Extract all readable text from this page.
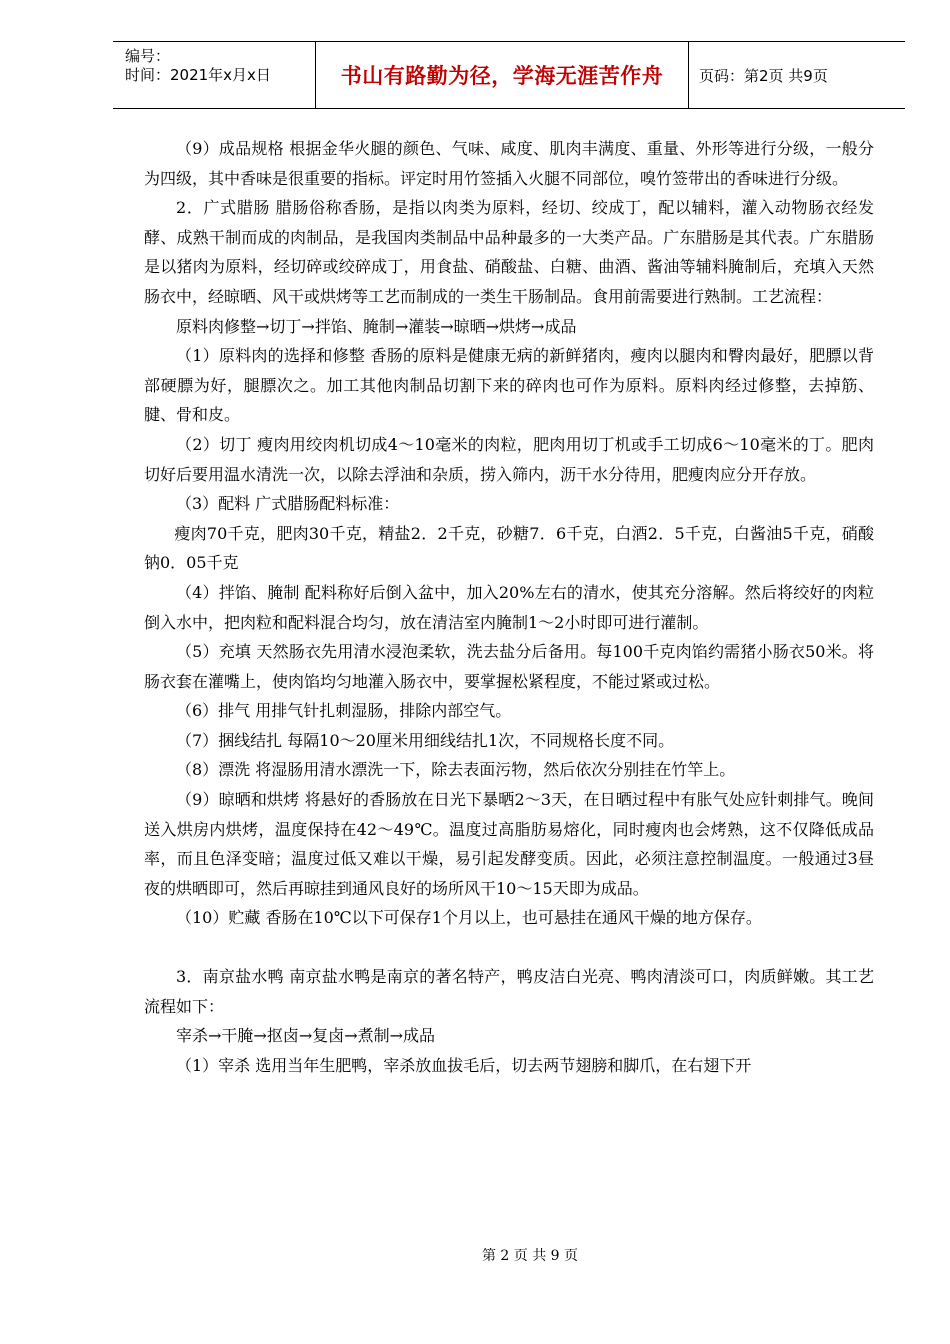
编号：
时间：2021年x月x日	书山有路勤为径，学海无涯苦作舟 页码：第2页 共9页

（9）成品规格 根据金华火腿的颜色、气味、咸度、肌肉丰满度、重量、外形等进行分级，一般分为四级，其中香味是很重要的指标。评定时用竹签插入火腿不同部位，嗅竹签带出的香味进行分级。

2．广式腊肠 腊肠俗称香肠，是指以肉类为原料，经切、绞成丁，配以辅料，灌入动物肠衣经发酵、成熟干制而成的肉制品，是我国肉类制品中品种最多的一大类产品。广东腊肠是其代表。广东腊肠是以猪肉为原料，经切碎或绞碎成丁，用食盐、硝酸盐、白糖、曲酒、酱油等辅料腌制后，充填入天然肠衣中，经晾晒、风干或烘烤等工艺而制成的一类生干肠制品。食用前需要进行熟制。工艺流程：

原料肉修整→切丁→拌馅、腌制→灌装→晾晒→烘烤→成品

（1）原料肉的选择和修整 香肠的原料是健康无病的新鲜猪肉，瘦肉以腿肉和臀肉最好，肥膘以背部硬膘为好，腿膘次之。加工其他肉制品切割下来的碎肉也可作为原料。原料肉经过修整，去掉筋、腱、骨和皮。

（2）切丁 瘦肉用绞肉机切成4～10毫米的肉粒，肥肉用切丁机或手工切成6～10毫米的丁。肥肉切好后要用温水清洗一次，以除去浮油和杂质，捞入筛内，沥干水分待用，肥瘦肉应分开存放。

（3）配料 广式腊肠配料标准：

瘦肉70千克，肥肉30千克，精盐2．2千克，砂糖7．6千克，白酒2．5千克，白酱油5千克，硝酸钠0．05千克

（4）拌馅、腌制 配料称好后倒入盆中，加入20%左右的清水，使其充分溶解。然后将绞好的肉粒倒入水中，把肉粒和配料混合均匀，放在清洁室内腌制1～2小时即可进行灌制。

（5）充填 天然肠衣先用清水浸泡柔软，洗去盐分后备用。每100千克肉馅约需猪小肠衣50米。将肠衣套在灌嘴上，使肉馅均匀地灌入肠衣中，要掌握松紧程度，不能过紧或过松。

（6）排气 用排气针扎刺湿肠，排除内部空气。

（7）捆线结扎 每隔10～20厘米用细线结扎1次，不同规格长度不同。

（8）漂洗 将湿肠用清水漂洗一下，除去表面污物，然后依次分别挂在竹竿上。

（9）晾晒和烘烤 将悬好的香肠放在日光下暴晒2～3天，在日晒过程中有胀气处应针刺排气。晚间送入烘房内烘烤，温度保持在42～49℃。温度过高脂肪易熔化，同时瘦肉也会烤熟，这不仅降低成品率，而且色泽变暗；温度过低又难以干燥，易引起发酵变质。因此，必须注意控制温度。一般通过3昼夜的烘晒即可，然后再晾挂到通风良好的场所风干10～15天即为成品。

（10）贮藏 香肠在10℃以下可保存1个月以上，也可悬挂在通风干燥的地方保存。

3．南京盐水鸭 南京盐水鸭是南京的著名特产，鸭皮洁白光亮、鸭肉清淡可口，肉质鲜嫩。其工艺流程如下：

宰杀→干腌→抠卤→复卤→煮制→成品

（1）宰杀 选用当年生肥鸭，宰杀放血拔毛后，切去两节翅膀和脚爪，在右翅下开

第 2 页 共 9 页
